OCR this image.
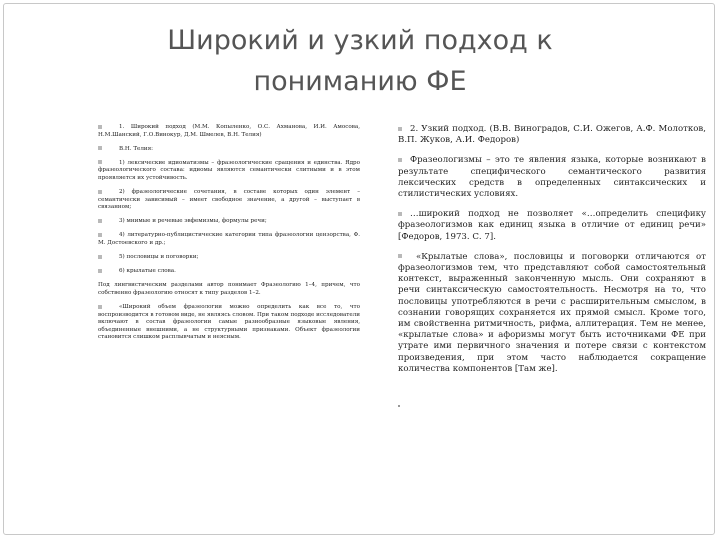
Широкий и узкий подход к пониманию ФЕ
1. Широкий подход (М.М. Копыленко, О.С. Ахманова, И.И. Амосова, Н.М.Шанский, Г.О.Винокур, Д.М. Шмелев, В.Н. Телия)
В.Н. Телия:
1) лексические идиоматизмы – фразеологические сращения и единства. Ядро фразеологического состава: идиомы являются семантически слитными и в этом проявляется их устойчивость.
2) фразеологические сочетания, в составе которых один элемент – семантически зависимый – имеет свободное значение, а другой – выступает в связанном;
3) мнимые и речевые эвфемизмы, формулы речи;
4) литературно-публицистические категории типа фразеологии цензорства, Ф. М. Достоевского и др.;
5) пословицы и поговорки;
6) крылатые слова.
Под лингвистическим разделами автор понимает Фразеологию 1–4, причем, что собственно фразеологию относят к типу разделов 1–2.
«Широкий объем фразеологии можно определить как все то, что воспроизводится в готовом виде, не являясь словом. При таком подходе исследователи включают в состав фразеологии самые разнообразные языковые явления, объединенные внешними, а не структурными признаками. Объект фразеологии становится слишком расплывчатым и неясным.
2. Узкий подход. (В.В. Виноградов, С.И. Ожегов, А.Ф. Молотков, В.П. Жуков, А.И. Федоров)
Фразеологизмы – это те явления языка, которые возникают в результате специфического семантического развития лексических средств в определенных синтаксических и стилистических условиях.
…широкий подход не позволяет «…определить специфику фразеологизмов как единиц языка в отличие от единиц речи» [Федоров, 1973. С. 7].
«Крылатые слова», пословицы и поговорки отличаются от фразеологизмов тем, что представляют собой самостоятельный контекст, выраженный законченную мысль. Они сохраняют в речи синтаксическую самостоятельность. Несмотря на то, что пословицы употребляются в речи с расширительным смыслом, в сознании говорящих сохраняется их прямой смысл. Кроме того, им свойственна ритмичность, рифма, аллитерация. Тем не менее, «крылатые слова» и афоризмы могут быть источниками ФЕ при утрате ими первичного значения и потере связи с контекстом произведения, при этом часто наблюдается сокращение количества компонентов [Там же].
